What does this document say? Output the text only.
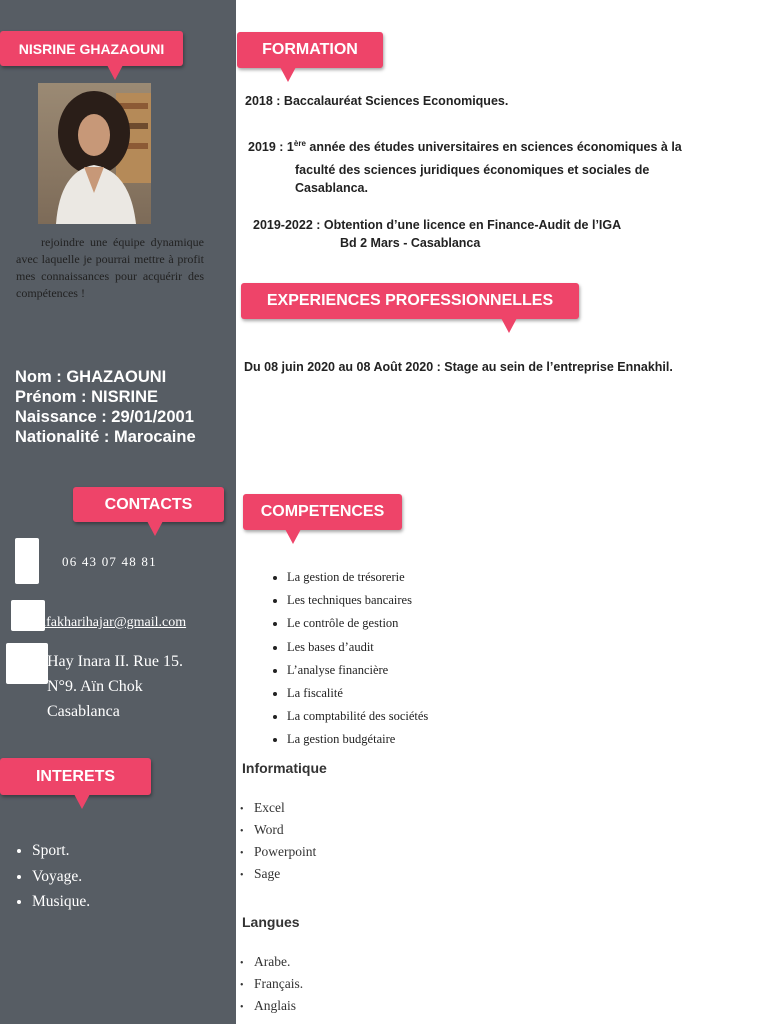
NISRINE GHAZAOUNI

rejoindre une équipe dynamique avec laquelle je pourrai mettre à profit mes connaissances pour acquérir des compétences !

Nom : GHAZAOUNI
Prénom : NISRINE
Naissance : 29/01/2001
Nationalité : Marocaine
CONTACTS
06 43 07 48 81
elfakharihajar@gmail.com
Hay Inara II. Rue 15.
N°9. Aïn Chok
Casablanca
INTERETS
• Sport.
• Voyage.
• Musique.
FORMATION

2018 : Baccalauréat Sciences Economiques.

2019 : 1ère année des études universitaires en sciences économiques à la

faculté des sciences juridiques économiques et sociales de

Casablanca.

2019-2022 : Obtention d’une licence en Finance-Audit de l’IGA

Bd 2 Mars - Casablanca

EXPERIENCES PROFESSIONNELLES

Du 08 juin 2020 au 08 Août 2020 : Stage au sein de l’entreprise Ennakhil.

COMPETENCES
• La gestion de trésorerie
• Les techniques bancaires
• Le contrôle de gestion
• Les bases d’audit
• L’analyse financière
• La fiscalité
• La comptabilité des sociétés
• La gestion budgétaire

Informatique

• Excel
• Word
• Powerpoint
• Sage

Langues

• Arabe.
• Français.
• Anglais
